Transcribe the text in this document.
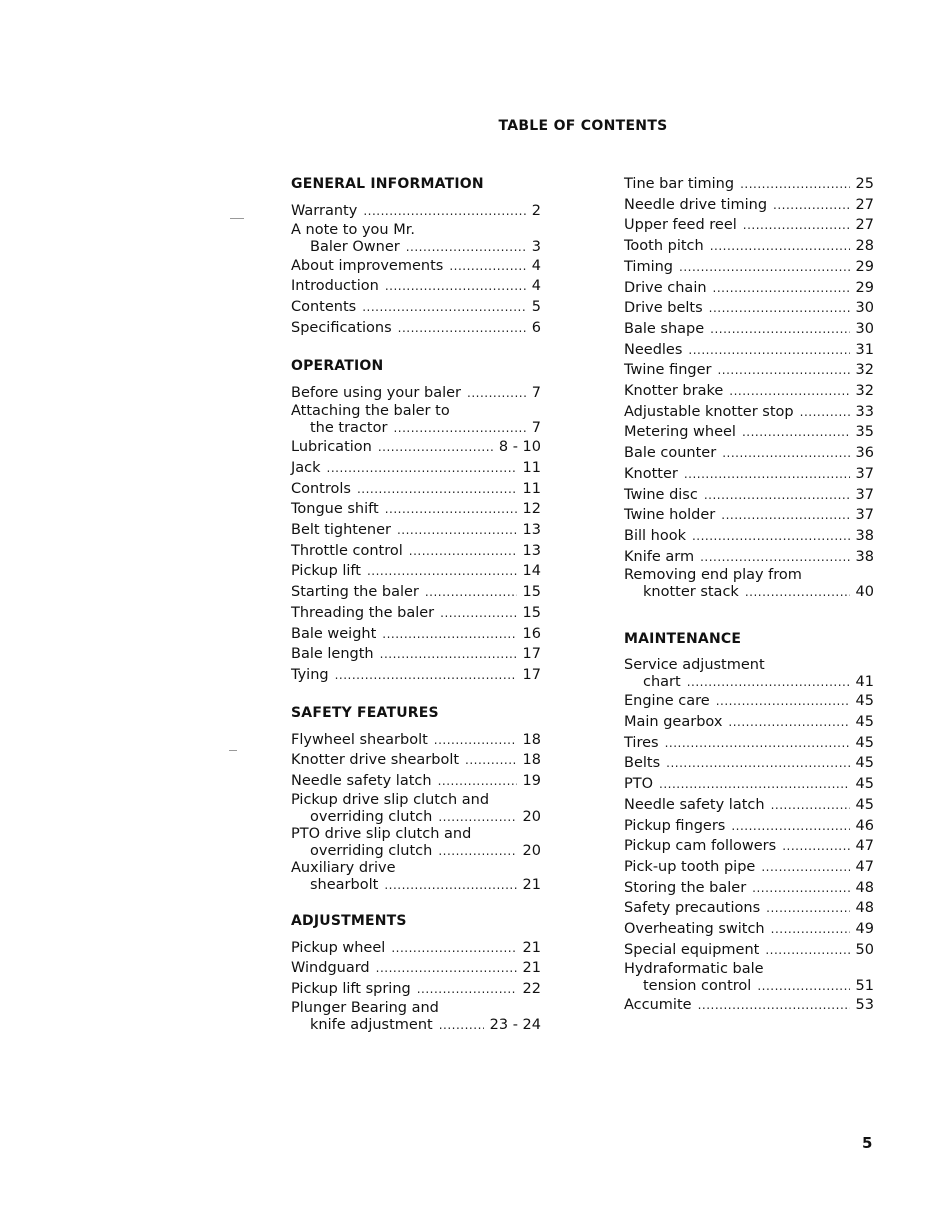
TABLE OF CONTENTS
GENERAL INFORMATION
Warranty .....	2
A note to you Mr.
Baler Owner .....	3
About improvements .....	4
Introduction .....	4
Contents .....	5
Specifications .....	6
OPERATION
Before using your baler .....	7
Attaching the baler to
the tractor .....	7
Lubrication .....	8 - 10
Jack .....	11
Controls .....	11
Tongue shift .....	12
Belt tightener .....	13
Throttle control .....	13
Pickup lift .....	14
Starting the baler .....	15
Threading the baler .....	15
Bale weight .....	16
Bale length .....	17
Tying .....	17
SAFETY FEATURES
Flywheel shearbolt .....	18
Knotter drive shearbolt .....	18
Needle safety latch .....	19
Pickup drive slip clutch and
overriding clutch .....	20
PTO drive slip clutch and
overriding clutch .....	20
Auxiliary drive
shearbolt .....	21
ADJUSTMENTS
Pickup wheel .....	21
Windguard .....	21
Pickup lift spring .....	22
Plunger Bearing and
knife adjustment .....	23 - 24
Tine bar timing .....	25
Needle drive timing .....	27
Upper feed reel .....	27
Tooth pitch .....	28
Timing .....	29
Drive chain .....	29
Drive belts .....	30
Bale shape .....	30
Needles .....	31
Twine finger .....	32
Knotter brake .....	32
Adjustable knotter stop .....	33
Metering wheel .....	35
Bale counter .....	36
Knotter .....	37
Twine disc .....	37
Twine holder .....	37
Bill hook .....	38
Knife arm .....	38
Removing end play from
knotter stack .....	40
MAINTENANCE
Service adjustment
chart .....	41
Engine care .....	45
Main gearbox .....	45
Tires .....	45
Belts .....	45
PTO .....	45
Needle safety latch .....	45
Pickup fingers .....	46
Pickup cam followers .....	47
Pick-up tooth pipe .....	47
Storing the baler .....	48
Safety precautions .....	48
Overheating switch .....	49
Special equipment .....	50
Hydraformatic bale
tension control .....	51
Accumite .....	53
5
